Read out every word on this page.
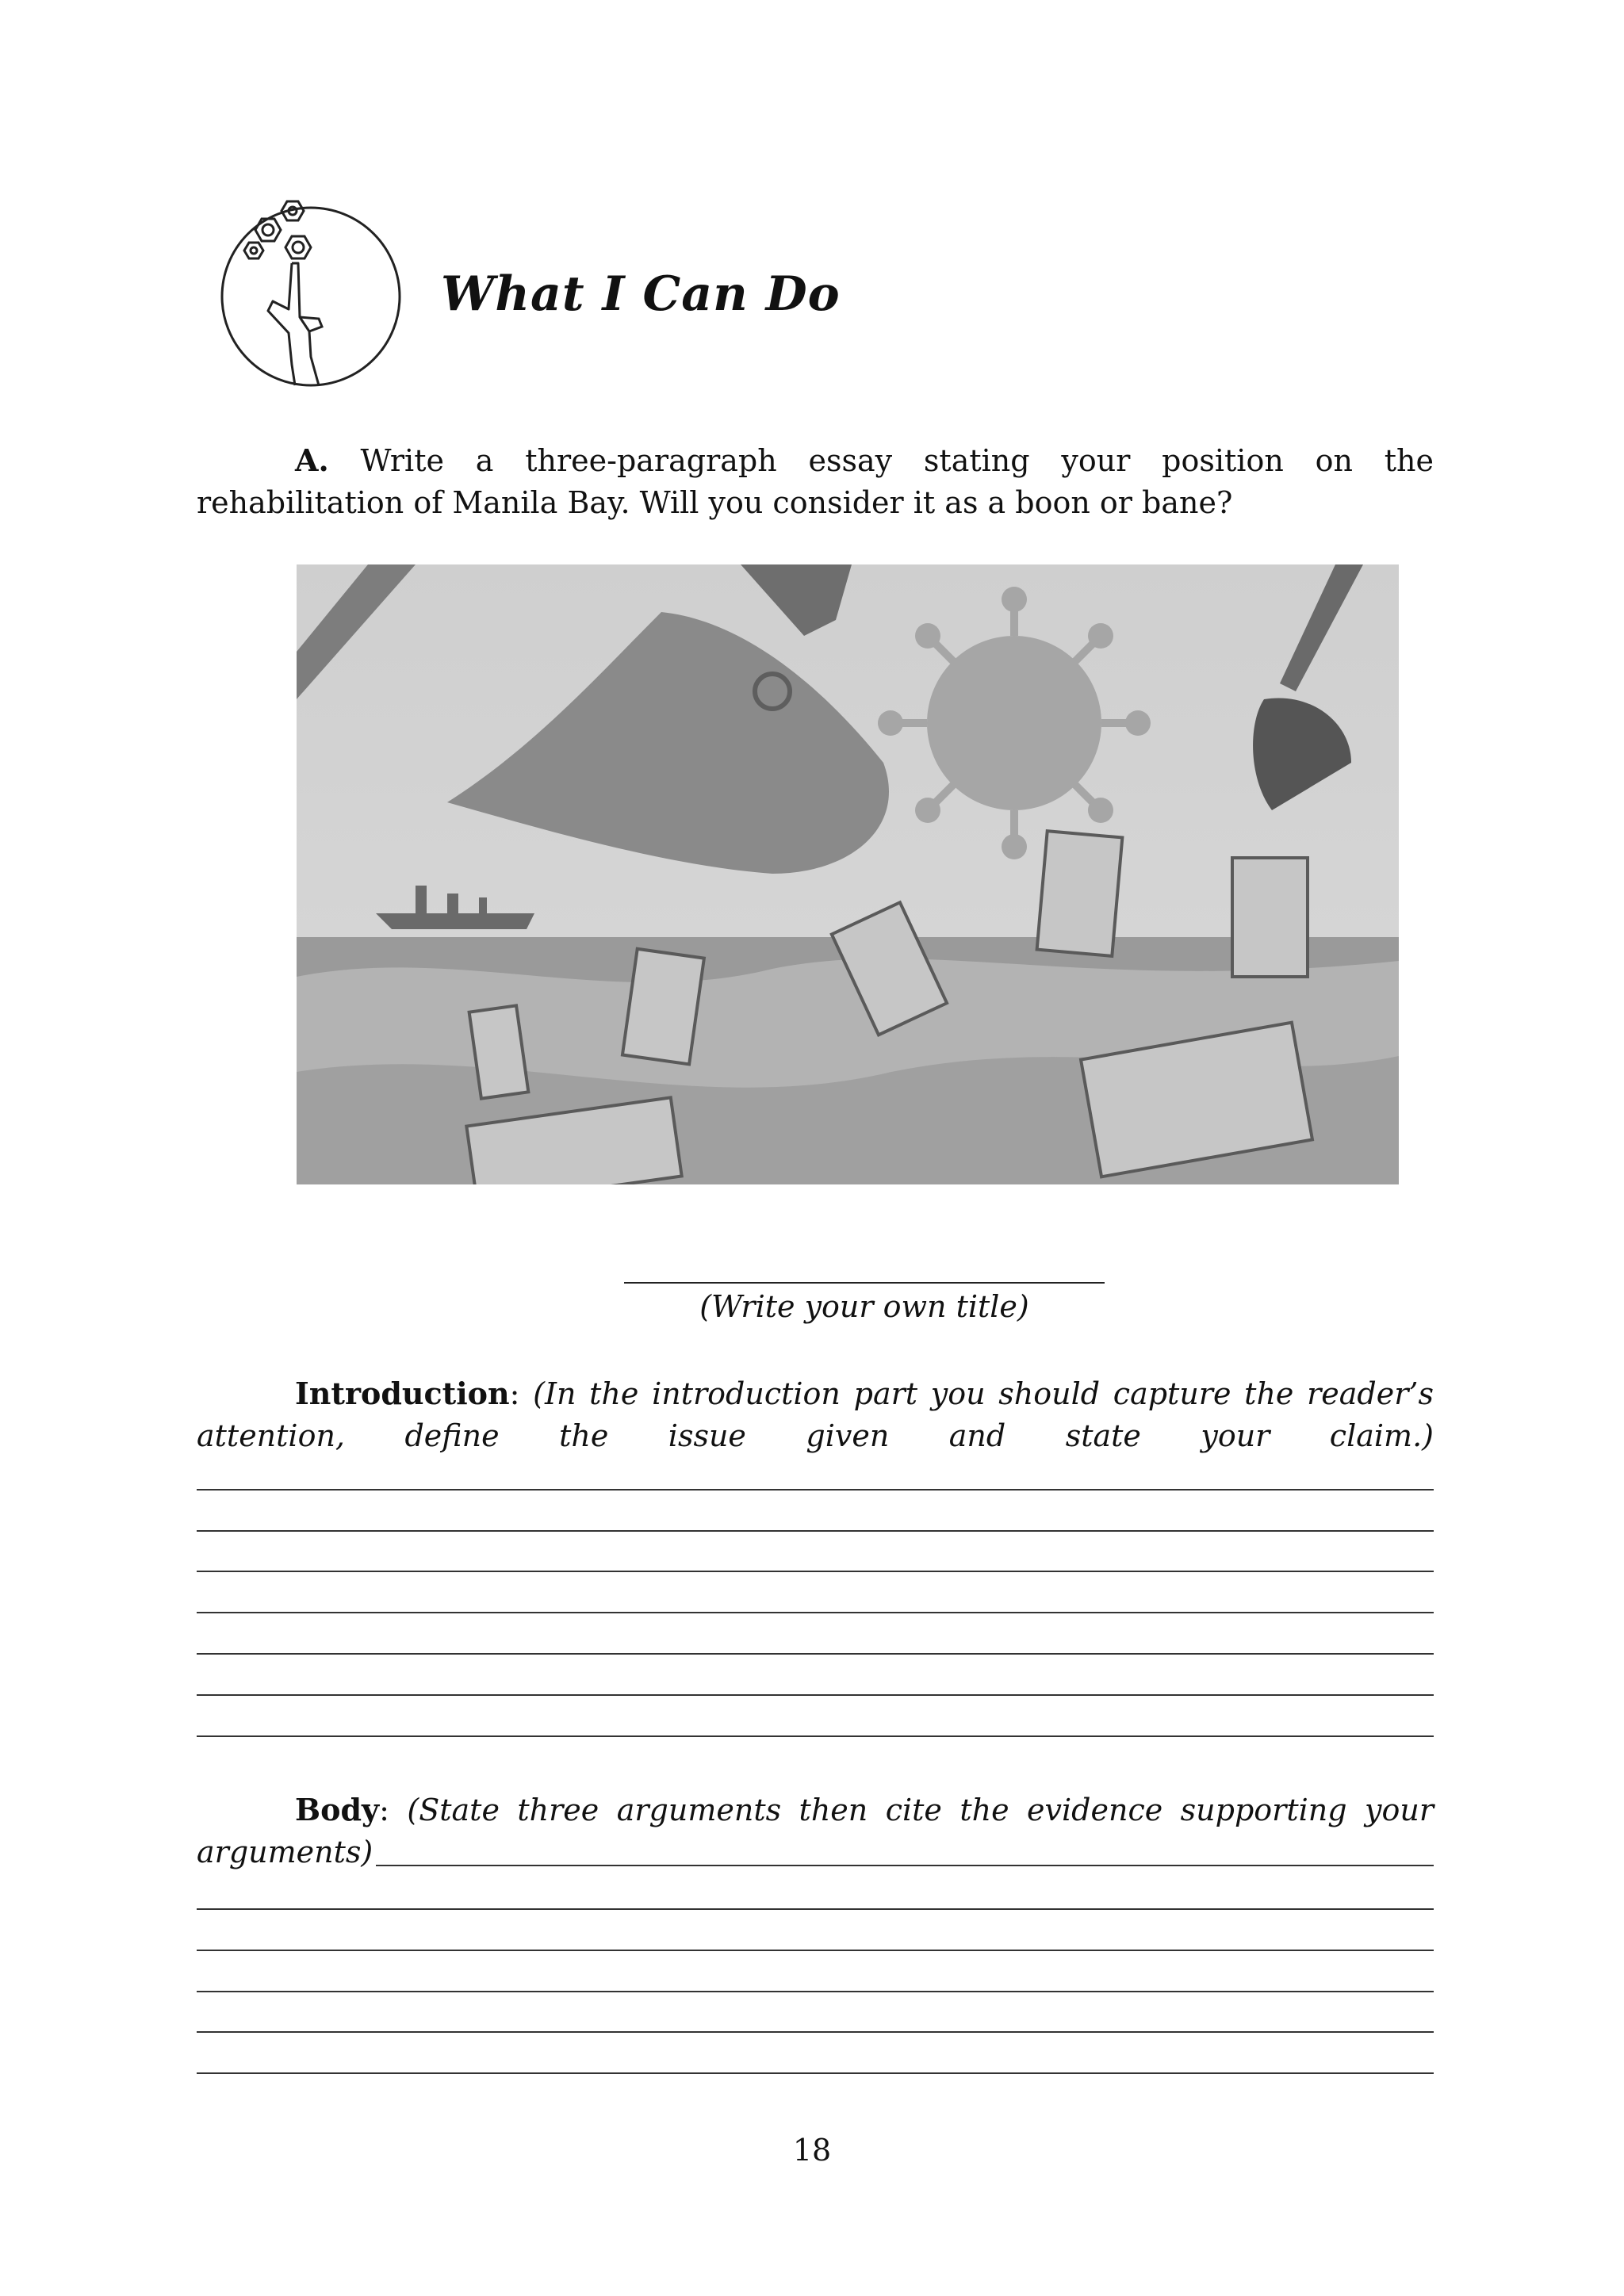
What I Can Do
A. Write a three-paragraph essay stating your position on the rehabilitation of Manila Bay. Will you consider it as a boon or bane?
(Write your own title)
Introduction: (In the introduction part you should capture the reader’s
attention, define the issue given and state your claim.)
Body: (State three arguments then cite the evidence supporting your
arguments)
18
